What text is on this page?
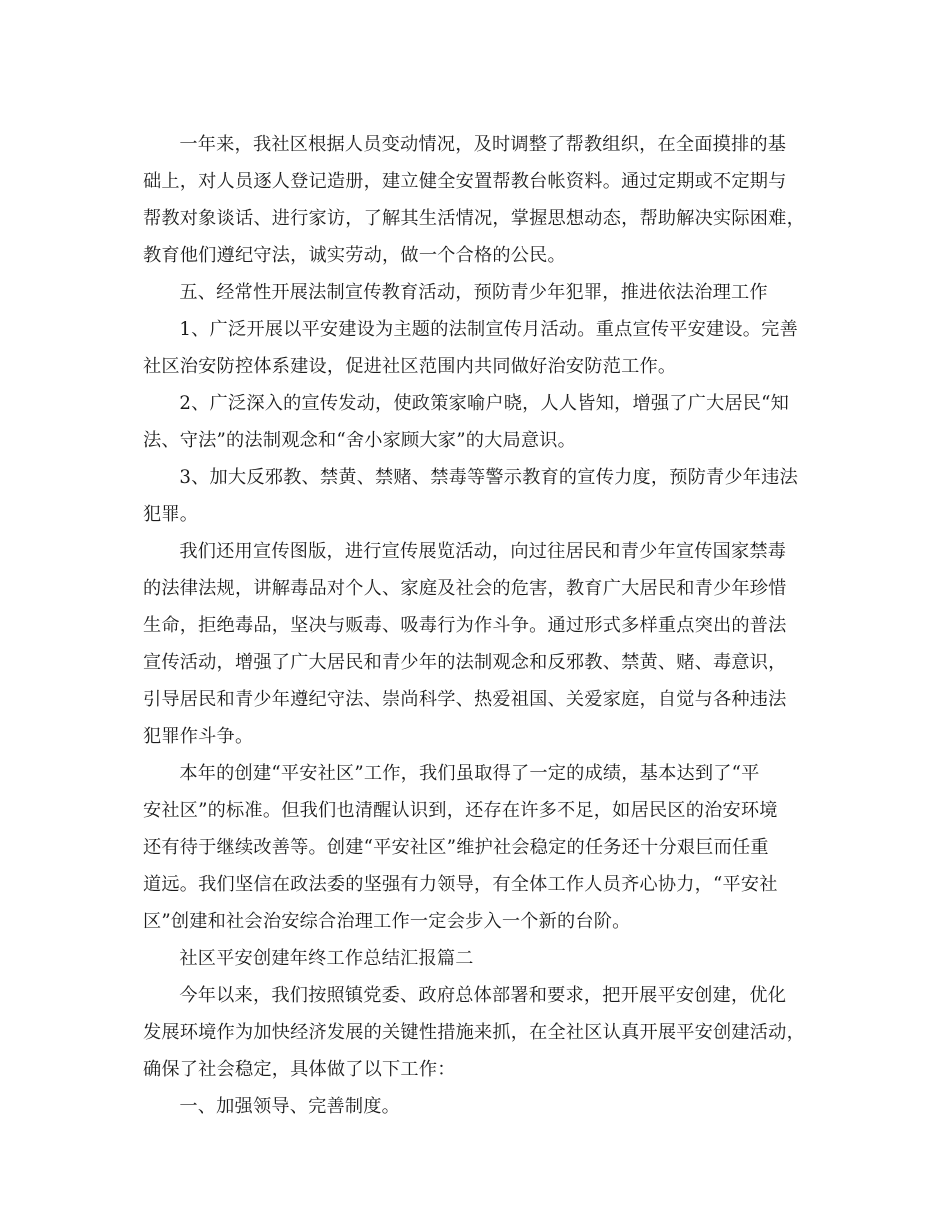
一年来，我社区根据人员变动情况，及时调整了帮教组织，在全面摸排的基
础上，对人员逐人登记造册，建立健全安置帮教台帐资料。通过定期或不定期与
帮教对象谈话、进行家访，了解其生活情况，掌握思想动态，帮助解决实际困难，
教育他们遵纪守法，诚实劳动，做一个合格的公民。

五、经常性开展法制宣传教育活动，预防青少年犯罪，推进依法治理工作

1、广泛开展以平安建设为主题的法制宣传月活动。重点宣传平安建设。完善
社区治安防控体系建设，促进社区范围内共同做好治安防范工作。

2、广泛深入的宣传发动，使政策家喻户晓，人人皆知，增强了广大居民“知
法、守法”的法制观念和“舍小家顾大家”的大局意识。

3、加大反邪教、禁黄、禁赌、禁毒等警示教育的宣传力度，预防青少年违法
犯罪。

我们还用宣传图版，进行宣传展览活动，向过往居民和青少年宣传国家禁毒
的法律法规，讲解毒品对个人、家庭及社会的危害，教育广大居民和青少年珍惜
生命，拒绝毒品，坚决与贩毒、吸毒行为作斗争。通过形式多样重点突出的普法
宣传活动，增强了广大居民和青少年的法制观念和反邪教、禁黄、赌、毒意识，
引导居民和青少年遵纪守法、崇尚科学、热爱祖国、关爱家庭，自觉与各种违法
犯罪作斗争。

本年的创建“平安社区”工作，我们虽取得了一定的成绩，基本达到了“平
安社区”的标准。但我们也清醒认识到，还存在许多不足，如居民区的治安环境
还有待于继续改善等。创建“平安社区”维护社会稳定的任务还十分艰巨而任重
道远。我们坚信在政法委的坚强有力领导，有全体工作人员齐心协力，“平安社
区”创建和社会治安综合治理工作一定会步入一个新的台阶。

社区平安创建年终工作总结汇报篇二

今年以来，我们按照镇党委、政府总体部署和要求，把开展平安创建，优化
发展环境作为加快经济发展的关键性措施来抓，在全社区认真开展平安创建活动，
确保了社会稳定，具体做了以下工作：

一、加强领导、完善制度。
